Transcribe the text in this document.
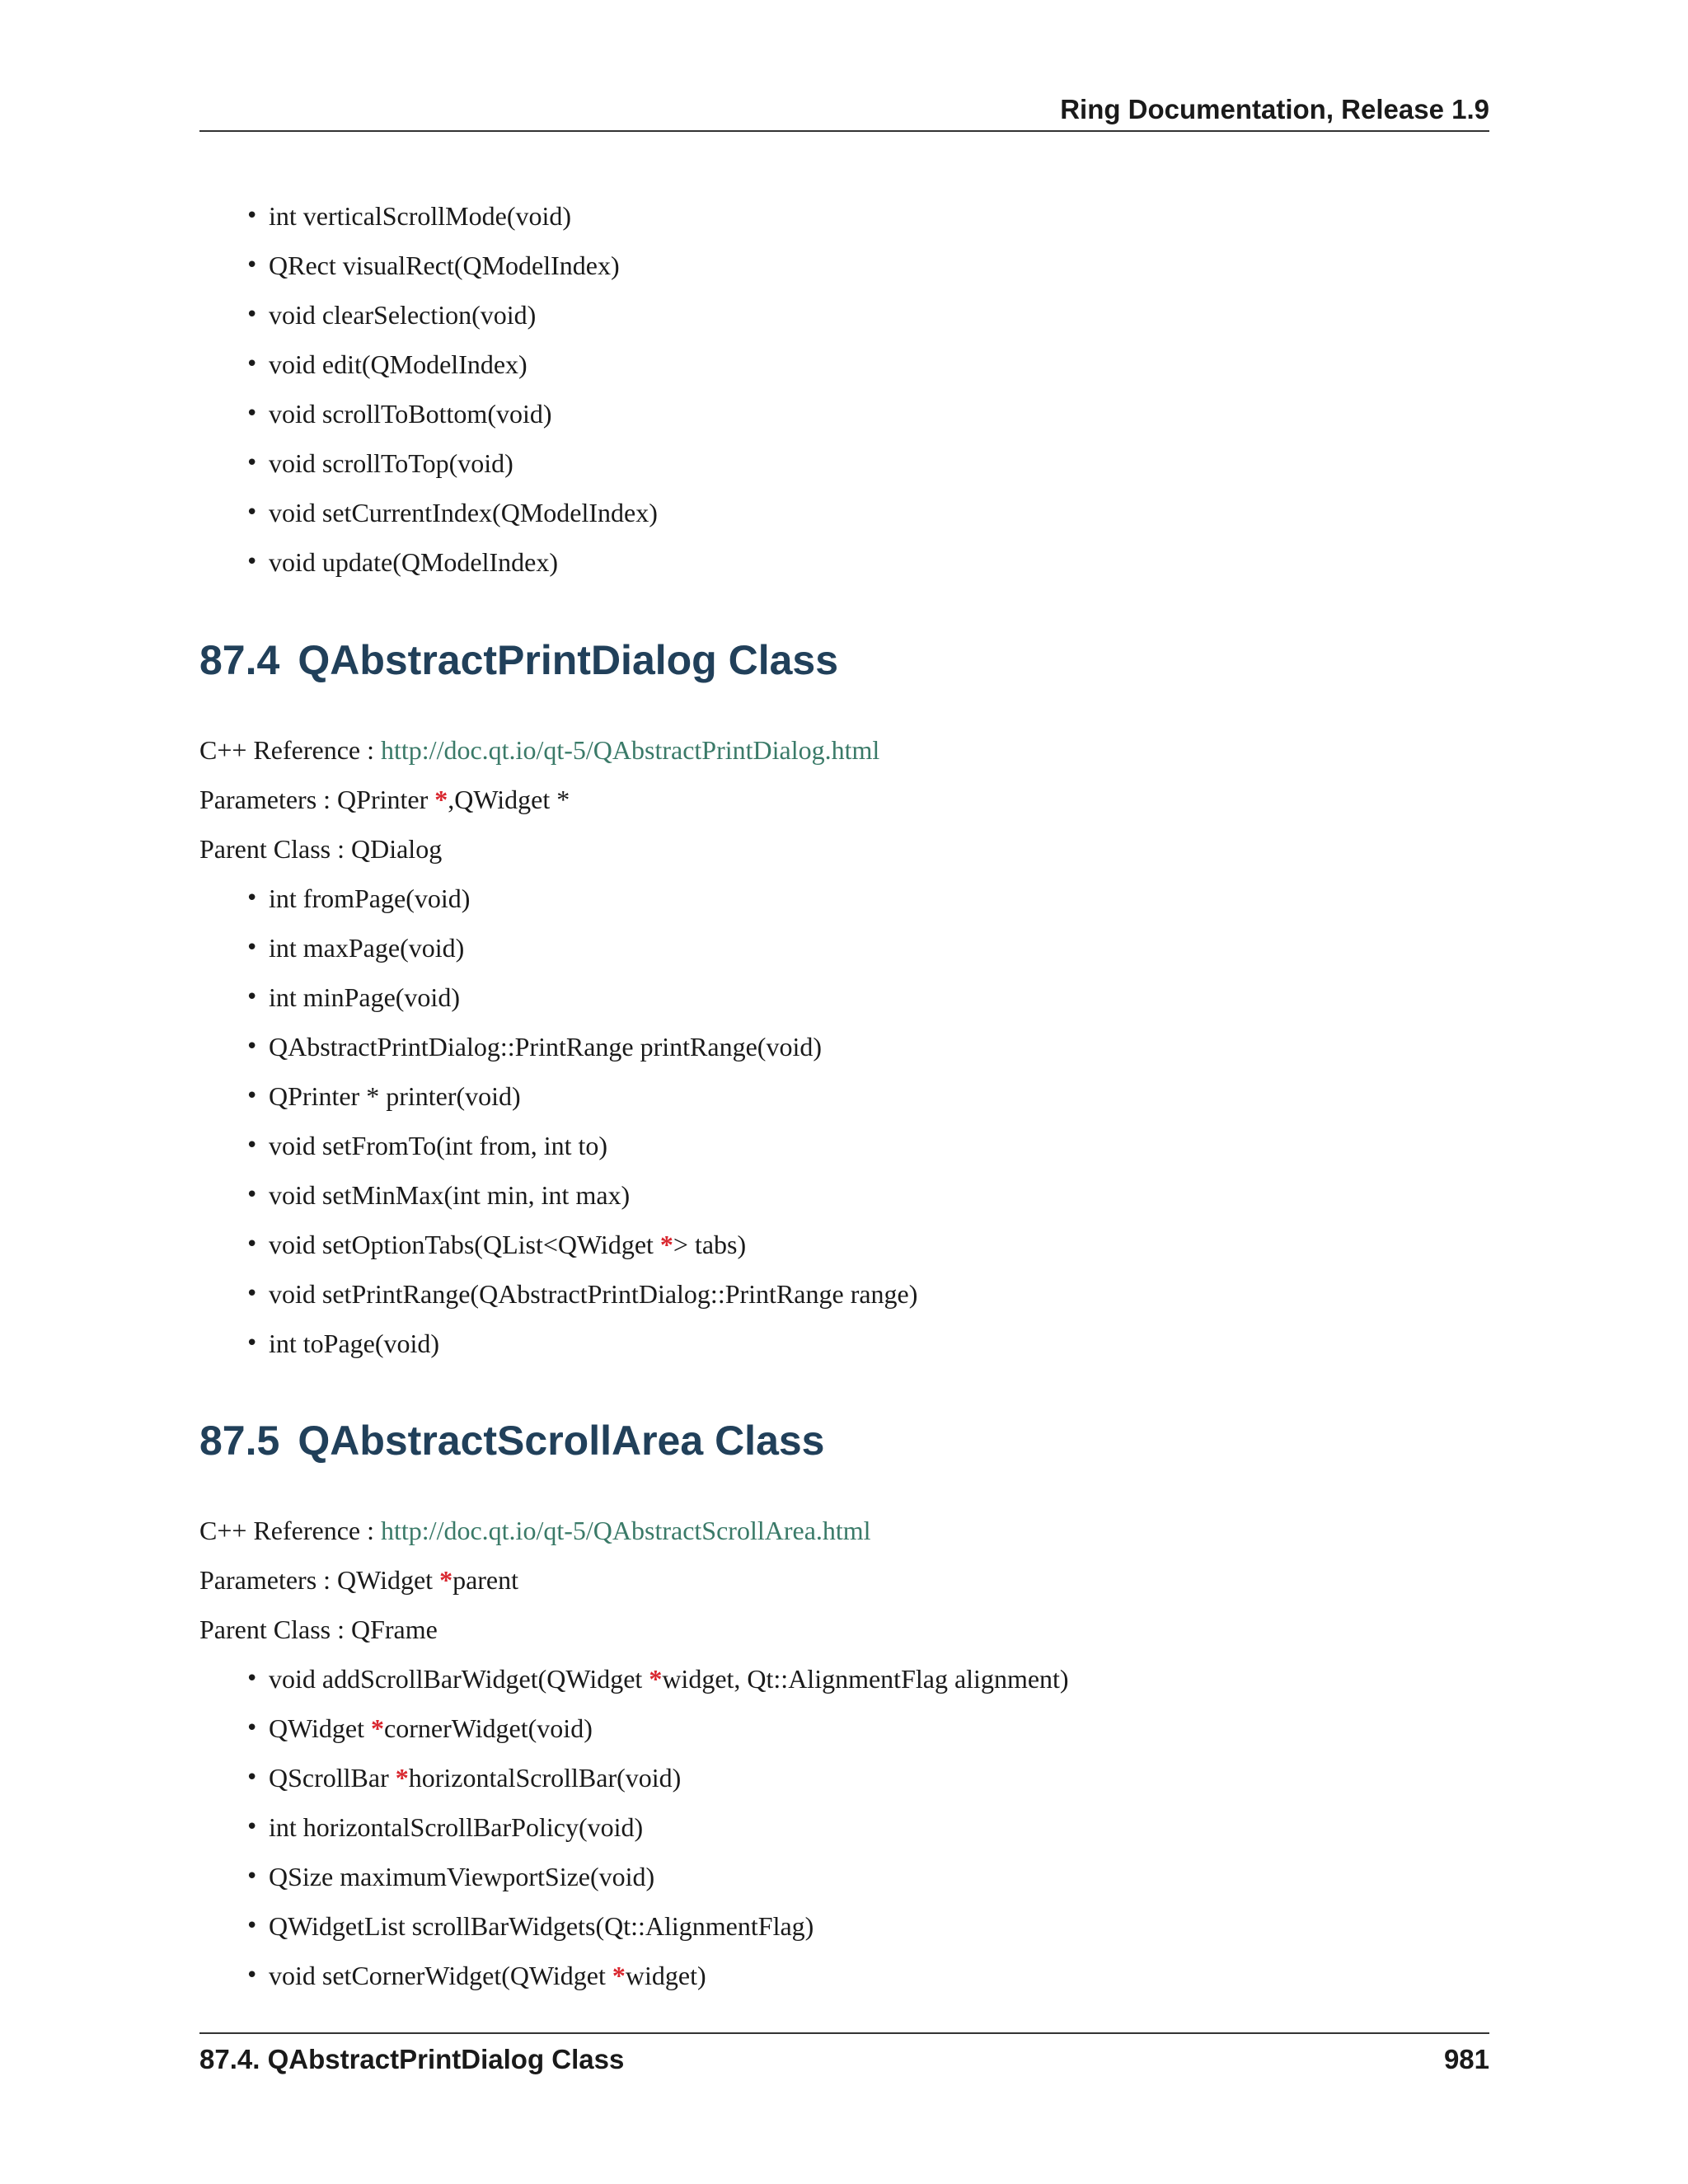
Ring Documentation, Release 1.9
• int verticalScrollMode(void)
• QRect visualRect(QModelIndex)
• void clearSelection(void)
• void edit(QModelIndex)
• void scrollToBottom(void)
• void scrollToTop(void)
• void setCurrentIndex(QModelIndex)
• void update(QModelIndex)
87.4 QAbstractPrintDialog Class
C++ Reference : http://doc.qt.io/qt-5/QAbstractPrintDialog.html
Parameters : QPrinter *,QWidget *
Parent Class : QDialog
• int fromPage(void)
• int maxPage(void)
• int minPage(void)
• QAbstractPrintDialog::PrintRange printRange(void)
• QPrinter * printer(void)
• void setFromTo(int from, int to)
• void setMinMax(int min, int max)
• void setOptionTabs(QList<QWidget *> tabs)
• void setPrintRange(QAbstractPrintDialog::PrintRange range)
• int toPage(void)
87.5 QAbstractScrollArea Class
C++ Reference : http://doc.qt.io/qt-5/QAbstractScrollArea.html
Parameters : QWidget *parent
Parent Class : QFrame
• void addScrollBarWidget(QWidget *widget, Qt::AlignmentFlag alignment)
• QWidget *cornerWidget(void)
• QScrollBar *horizontalScrollBar(void)
• int horizontalScrollBarPolicy(void)
• QSize maximumViewportSize(void)
• QWidgetList scrollBarWidgets(Qt::AlignmentFlag)
• void setCornerWidget(QWidget *widget)
87.4. QAbstractPrintDialog Class	981
